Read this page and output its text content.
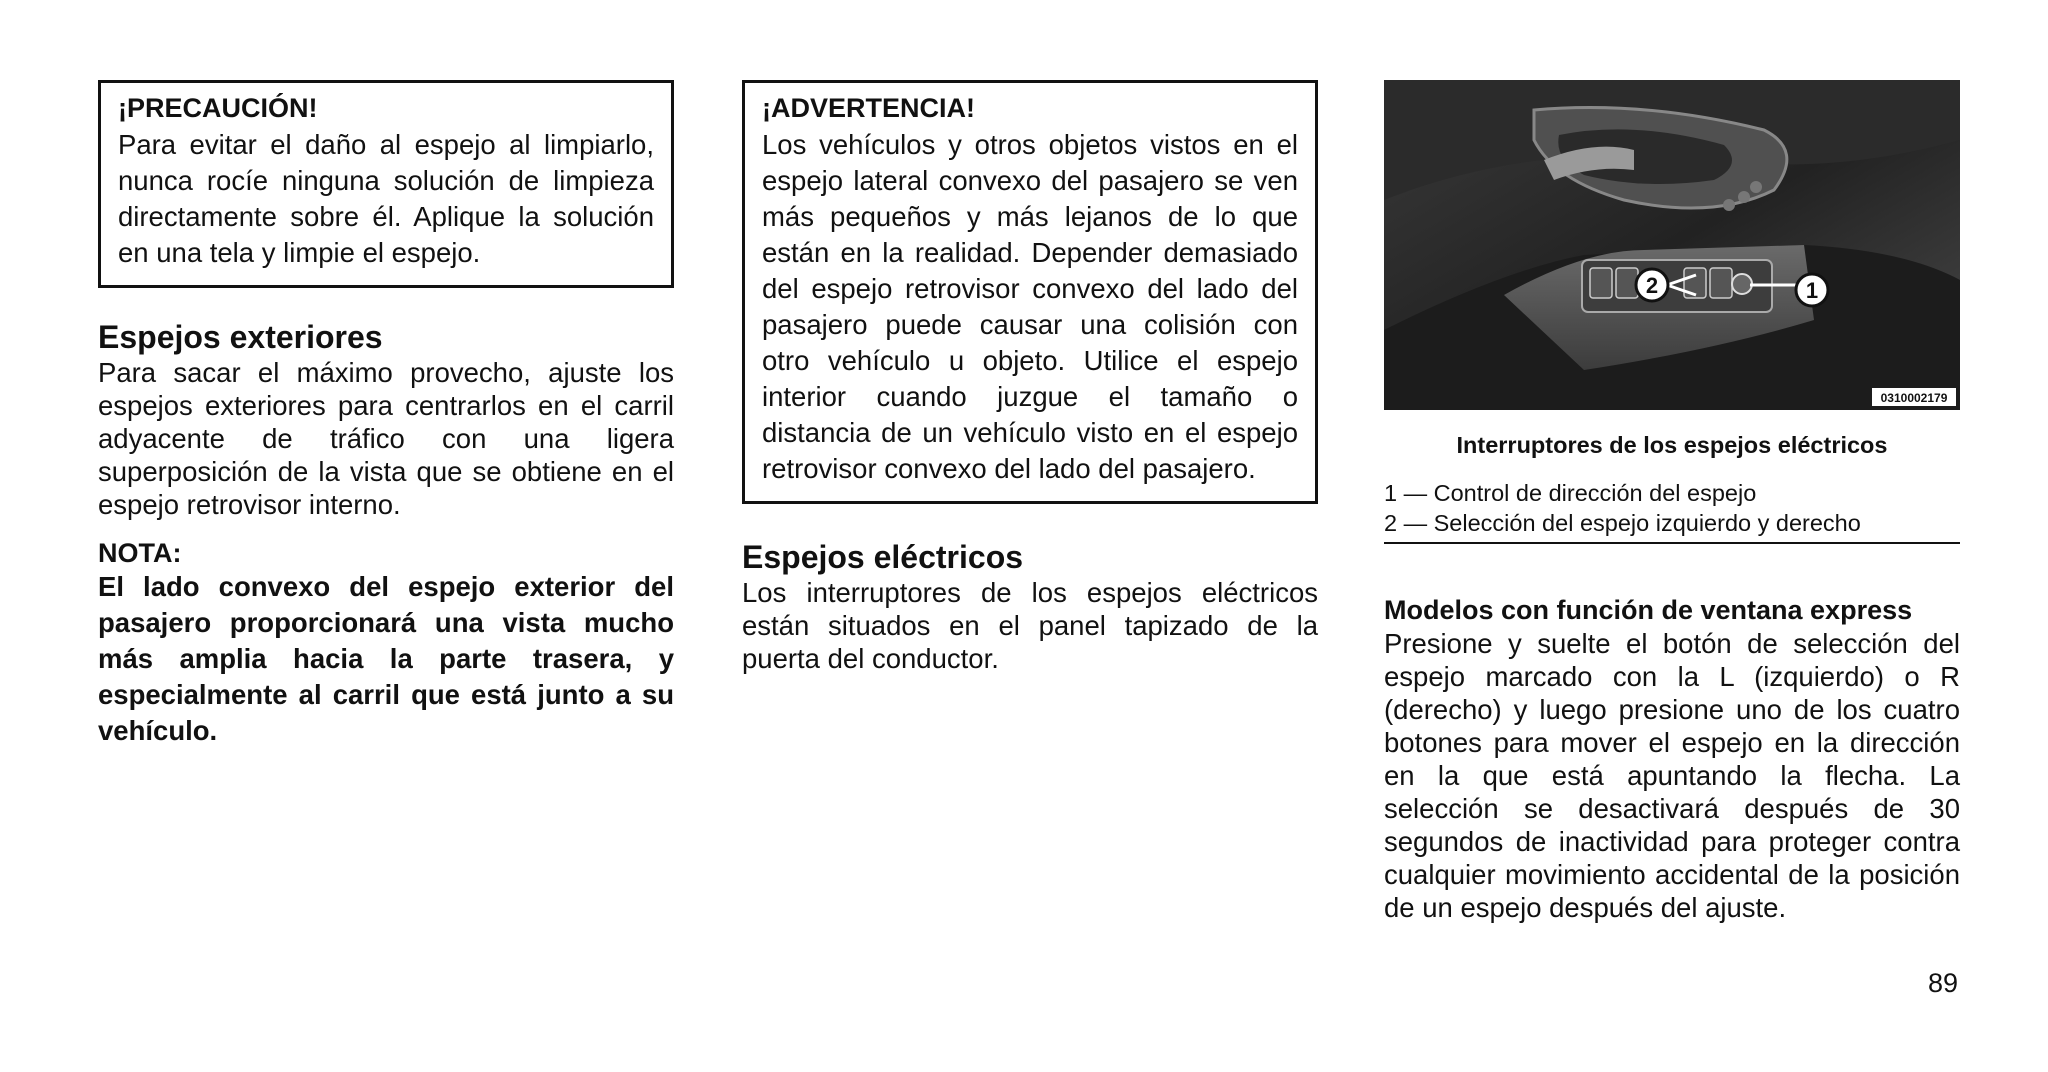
¡PRECAUCIÓN!
Para evitar el daño al espejo al limpiarlo, nunca rocíe ninguna solución de limpieza directamente sobre él. Aplique la solución en una tela y limpie el espejo.
Espejos exteriores
Para sacar el máximo provecho, ajuste los espejos exteriores para centrarlos en el carril adyacente de tráfico con una ligera superposición de la vista que se obtiene en el espejo retrovisor interno.
NOTA:
El lado convexo del espejo exterior del pasajero proporcionará una vista mucho más amplia hacia la parte trasera, y especialmente al carril que está junto a su vehículo.
¡ADVERTENCIA!
Los vehículos y otros objetos vistos en el espejo lateral convexo del pasajero se ven más pequeños y más lejanos de lo que están en la realidad. Depender demasiado del espejo retrovisor convexo del lado del pasajero puede causar una colisión con otro vehículo u objeto. Utilice el espejo interior cuando juzgue el tamaño o distancia de un vehículo visto en el espejo retrovisor convexo del lado del pasajero.
Espejos eléctricos
Los interruptores de los espejos eléctricos están situados en el panel tapizado de la puerta del conductor.
2	1
0310002179
Interruptores de los espejos eléctricos
1 — Control de dirección del espejo
2 — Selección del espejo izquierdo y derecho
Modelos con función de ventana express
Presione y suelte el botón de selección del espejo marcado con la L (izquierdo) o R (derecho) y luego presione uno de los cuatro botones para mover el espejo en la dirección en la que está apuntando la flecha. La selección se desactivará después de 30 segundos de inactividad para proteger contra cualquier movimiento accidental de la posición de un espejo después del ajuste.
89
